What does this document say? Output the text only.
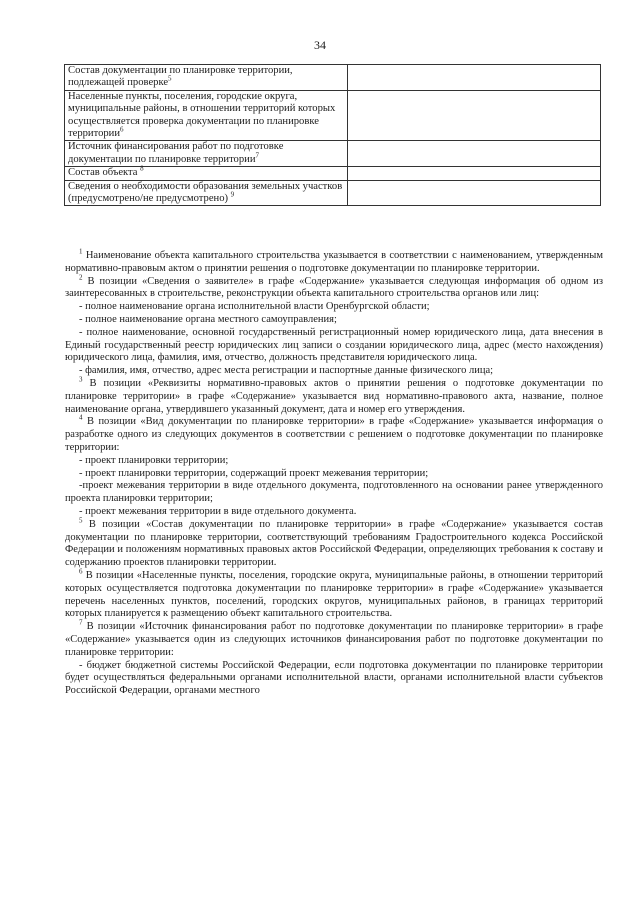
34
Состав документации по планировке территории, подлежащей проверке$^5$	
Населенные пункты, поселения, городские округа, муниципальные районы, в отношении территорий которых осуществляется проверка документации по планировке территории$^6$	
Источник финансирования работ по подготовке документации по планировке территории$^7$	
Состав объекта $^8$	
Сведения о необходимости образования земельных участков (предусмотрено/не предусмотрено) $^9$	

$^1$ Наименование объекта капитального строительства указывается в соответствии с наименованием, утвержденным нормативно-правовым актом о принятии решения о подготовке документации по планировке территории.

$^2$ В позиции «Сведения о заявителе» в графе «Содержание» указывается следующая информация об одном из заинтересованных в строительстве, реконструкции объекта капитального строительства органов или лиц:

- полное наименование органа исполнительной власти Оренбургской области;

- полное наименование органа местного самоуправления;

- полное наименование, основной государственный регистрационный номер юридического лица, дата внесения в Единый государственный реестр юридических лиц записи о создании юридического лица, адрес (место нахождения) юридического лица, фамилия, имя, отчество, должность представителя юридического лица.

- фамилия, имя, отчество, адрес места регистрации и паспортные данные физического лица;

$^3$ В позиции «Реквизиты нормативно-правовых актов о принятии решения о подготовке документации по планировке территории» в графе «Содержание» указывается вид нормативно-правового акта, название, полное наименование органа, утвердившего указанный документ, дата и номер его утверждения.

$^4$ В позиции «Вид документации по планировке территории» в графе «Содержание» указывается информация о разработке одного из следующих документов в соответствии с решением о подготовке документации по планировке территории:

- проект планировки территории;

- проект планировки территории, содержащий проект межевания территории;

-проект межевания территории в виде отдельного документа, подготовленного на основании ранее утвержденного проекта планировки территории;

- проект межевания территории в виде отдельного документа.

$^5$ В позиции «Состав документации по планировке территории» в графе «Содержание» указывается состав документации по планировке территории, соответствующий требованиям Градостроительного кодекса Российской Федерации и положениям нормативных правовых актов Российской Федерации, определяющих требования к составу и содержанию проектов планировки территории.

$^6$ В позиции «Населенные пункты, поселения, городские округа, муниципальные районы, в отношении территорий которых осуществляется подготовка документации по планировке территории» в графе «Содержание» указывается перечень населенных пунктов, поселений, городских округов, муниципальных районов, в границах территорий которых планируется к размещению объект капитального строительства.

$^7$ В позиции «Источник финансирования работ по подготовке документации по планировке территории» в графе «Содержание» указывается один из следующих источников финансирования работ по подготовке документации по планировке территории:

- бюджет бюджетной системы Российской Федерации, если подготовка документации по планировке территории будет осуществляться федеральными органами исполнительной власти, органами исполнительной власти субъектов Российской Федерации, органами местного
